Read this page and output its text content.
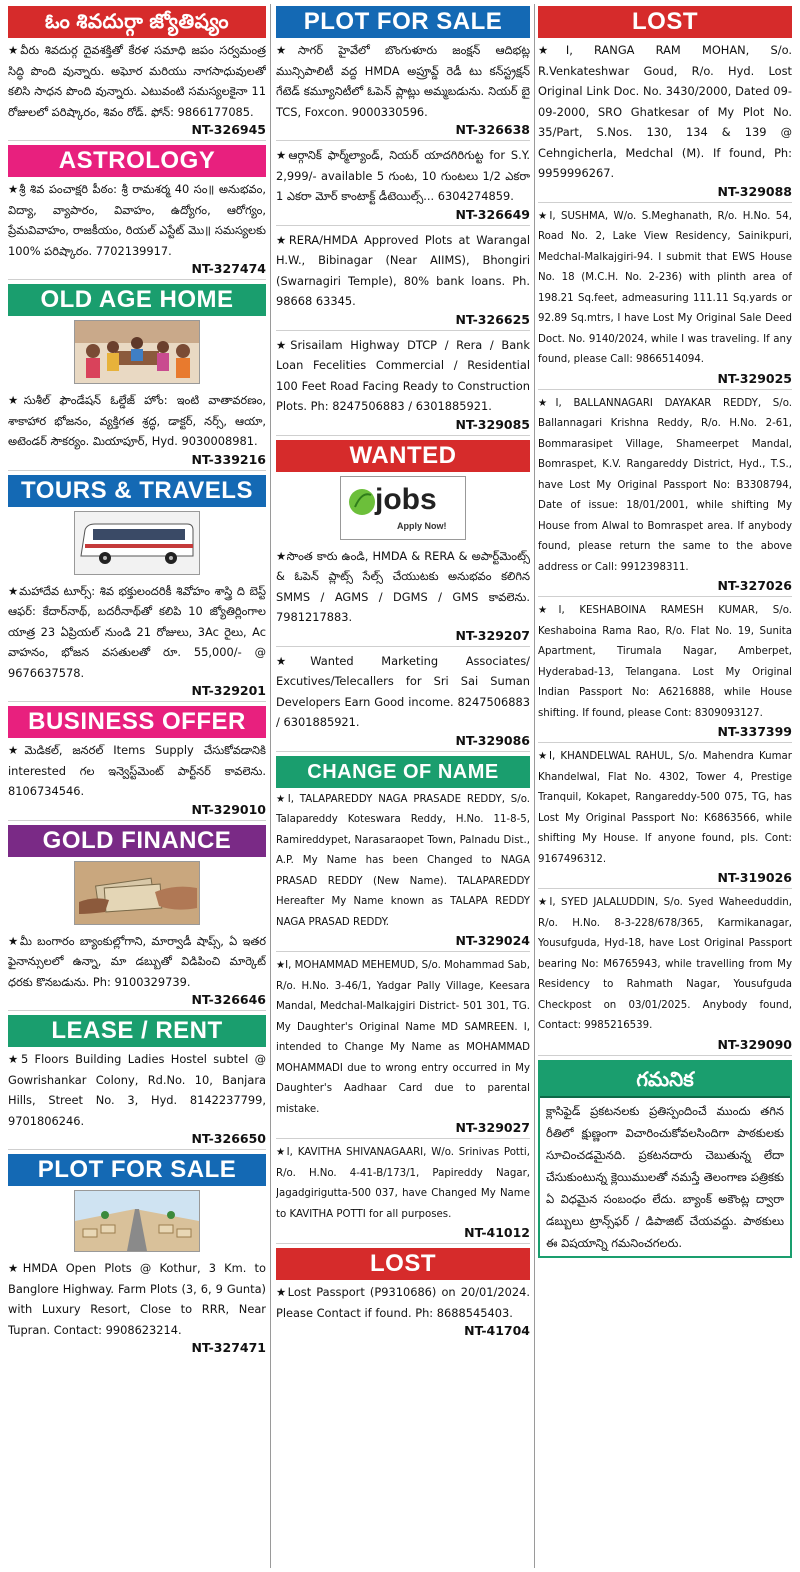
ఓం శివదుర్గా జ్యోతిష్యం
★వీరు శివదుర్గ దైవశక్తితో కేరళ సమాధి జపం సర్వమంత్ర సిద్ధి పొంది వున్నారు. అఘోర మరియు నాగసాధువులతో కలిసి సాధన పొంది వున్నారు. ఎటువంటి సమస్యలకైనా 11 రోజులలో పరిష్కారం, శివం రోడ్. ఫోన్: 9866177085.
NT-326945
ASTROLOGY
★శ్రీ శివ పంచాక్షరి పీఠం: శ్రీ రామశర్మ 40 సం॥ అనుభవం, విద్యా, వ్యాపారం, వివాహం, ఉద్యోగం, ఆరోగ్యం, ప్రేమవివాహం, రాజకీయం, రియల్ ఎస్టేట్ మొ॥ సమస్యలకు 100% పరిష్కారం. 7702139917.
NT-327474
OLD AGE HOME
★సుశీల్ ఫౌండేషన్ ఓల్డేజ్ హోం: ఇంటి వాతావరణం, శాకాహార భోజనం, వ్యక్తిగత శ్రద్ధ, డాక్టర్, నర్స్, ఆయా, అటెండర్ సౌకర్యం. మియాపూర్, Hyd. 9030008981.
NT-339216
TOURS & TRAVELS
★మహాదేవ టూర్స్: శివ భక్తులందరికీ శివోహం శాస్త్రి ది బెస్ట్ ఆఫర్: కేదార్‌నాథ్, బదరీనాథ్‌తో కలిపి 10 జ్యోతిర్లింగాల యాత్ర 23 ఏప్రియల్ నుండి 21 రోజులు, 3Ac రైలు, Ac వాహనం, భోజన వసతులతో రూ. 55,000/- @ 9676637578.
NT-329201
BUSINESS OFFER
★మెడికల్, జనరల్ Items Supply చేసుకోవడానికి interested గల ఇన్వెస్ట్‌మెంట్ పార్ట్‌నర్ కావలెను. 8106734546.
NT-329010
GOLD FINANCE
★మీ బంగారం బ్యాంకుల్లోగాని, మార్వాడీ షాప్స్, ఏ ఇతర ఫైనాన్సులలో ఉన్నా, మా డబ్బుతో విడిపించి మార్కెట్ ధరకు కొనబడును. Ph: 9100329739.
NT-326646
LEASE / RENT
★5 Floors Building Ladies Hostel subtel @ Gowrishankar Colony, Rd.No. 10, Banjara Hills, Street No. 3, Hyd. 8142237799, 9701806246.
NT-326650
PLOT FOR SALE
★HMDA Open Plots @ Kothur, 3 Km. to Banglore Highway. Farm Plots (3, 6, 9 Gunta) with Luxury Resort, Close to RRR, Near Tupran. Contact: 9908623214.
NT-327471
PLOT FOR SALE
★సాగర్ హైవేలో బొంగుళూరు జంక్షన్ ఆదిభట్ల మున్సిపాలిటీ వద్ద HMDA అప్రూవ్డ్ రెడీ టు కన్‌స్ట్రక్షన్ గేటెడ్ కమ్యూనిటీలో ఓపెన్ ప్లాట్లు అమ్మబడును. నియర్ బై TCS, Foxcon. 9000330596.
NT-326638
★ఆర్గానిక్ ఫార్మ్‌ల్యాండ్, నియర్ యాదగిరిగుట్ట for S.Y. 2,999/- available 5 గుంట, 10 గుంటలు 1/2 ఎకరా 1 ఎకరా మోర్ కాంటాక్ట్ డీటెయిల్స్... 6304274859.
NT-326649
★RERA/HMDA Approved Plots at Warangal H.W., Bibinagar (Near AIIMS), Bhongiri (Swarnagiri Temple), 80% bank loans. Ph. 98668 63345.
NT-326625
★Srisailam Highway DTCP / Rera / Bank Loan Fecelities Commercial / Residential 100 Feet Road Facing Ready to Construction Plots. Ph: 8247506883 / 6301885921.
NT-329085
WANTED
jobs
Apply Now!
★సొంత కారు ఉండి, HMDA & RERA & అపార్ట్‌మెంట్స్ & ఓపెన్ ప్లాట్స్ సేల్స్ చేయుటకు అనుభవం కలిగిన SMMS / AGMS / DGMS / GMS కావలెను. 7981217883.
NT-329207
★Wanted Marketing Associates/ Excutives/Telecallers for Sri Sai Suman Developers Earn Good income. 8247506883 / 6301885921.
NT-329086
CHANGE OF NAME
★I, TALAPAREDDY NAGA PRASADE REDDY, S/o. Talapareddy Koteswara Reddy, H.No. 11-8-5, Ramireddypet, Narasaraopet Town, Palnadu Dist., A.P. My Name has been Changed to NAGA PRASAD REDDY (New Name). TALAPAREDDY Hereafter My Name known as TALAPA REDDY NAGA PRASAD REDDY.
NT-329024
★I, MOHAMMAD MEHEMUD, S/o. Mohammad Sab, R/o. H.No. 3-46/1, Yadgar Pally Village, Keesara Mandal, Medchal-Malkajgiri District- 501 301, TG. My Daughter's Original Name MD SAMREEN. I, intended to Change My Name as MOHAMMAD MOHAMMADI due to wrong entry occurred in My Daughter's Aadhaar Card due to parental mistake.
NT-329027
★I, KAVITHA SHIVANAGAARI, W/o. Srinivas Potti, R/o. H.No. 4-41-B/173/1, Papireddy Nagar, Jagadgirigutta-500 037, have Changed My Name to KAVITHA POTTI for all purposes.
NT-41012
LOST
★Lost Passport (P9310686) on 20/01/2024. Please Contact if found. Ph: 8688545403.
NT-41704
LOST
★I, RANGA RAM MOHAN, S/o. R.Venkateshwar Goud, R/o. Hyd. Lost Original Link Doc. No. 3430/2000, Dated 09-09-2000, SRO Ghatkesar of My Plot No. 35/Part, S.Nos. 130, 134 & 139 @ Cehngicherla, Medchal (M). If found, Ph: 9959996267.
NT-329088
★I, SUSHMA, W/o. S.Meghanath, R/o. H.No. 54, Road No. 2, Lake View Residency, Sainikpuri, Medchal-Malkajgiri-94. I submit that EWS House No. 18 (M.C.H. No. 2-236) with plinth area of 198.21 Sq.feet, admeasuring 111.11 Sq.yards or 92.89 Sq.mtrs, I have Lost My Original Sale Deed Doct. No. 9140/2024, while I was traveling. If any found, please Call: 9866514094.
NT-329025
★I, BALLANNAGARI DAYAKAR REDDY, S/o. Ballannagari Krishna Reddy, R/o. H.No. 2-61, Bommarasipet Village, Shameerpet Mandal, Bomraspet, K.V. Rangareddy District, Hyd., T.S., have Lost My Original Passport No: B3308794, Date of issue: 18/01/2001, while shifting My House from Alwal to Bomraspet area. If anybody found, please return the same to the above address or Call: 9912398311.
NT-327026
★I, KESHABOINA RAMESH KUMAR, S/o. Keshaboina Rama Rao, R/o. Flat No. 19, Sunita Apartment, Tirumala Nagar, Amberpet, Hyderabad-13, Telangana. Lost My Original Indian Passport No: A6216888, while House shifting. If found, please Cont: 8309093127.
NT-337399
★I, KHANDELWAL RAHUL, S/o. Mahendra Kumar Khandelwal, Flat No. 4302, Tower 4, Prestige Tranquil, Kokapet, Rangareddy-500 075, TG, has Lost My Original Passport No: K6863566, while shifting My House. If anyone found, pls. Cont: 9167496312.
NT-319026
★I, SYED JALALUDDIN, S/o. Syed Waheeduddin, R/o. H.No. 8-3-228/678/365, Karmikanagar, Yousufguda, Hyd-18, have Lost Original Passport bearing No: M6765943, while travelling from My Residency to Rahmath Nagar, Yousufguda Checkpost on 03/01/2025. Anybody found, Contact: 9985216539.
NT-329090
గమనిక
క్లాసిఫైడ్ ప్రకటనలకు ప్రతిస్పందించే ముందు తగిన రీతిలో క్షుణ్ణంగా విచారించుకోవలసిందిగా పాఠకులకు సూచించడమైనది. ప్రకటనదారు చెబుతున్న లేదా చేసుకుంటున్న క్లెయిములతో నమస్తే తెలంగాణ పత్రికకు ఏ విధమైన సంబంధం లేదు. బ్యాంక్ అకౌంట్ల ద్వారా డబ్బులు ట్రాన్స్‌ఫర్ / డిపాజిట్ చేయవద్దు. పాఠకులు ఈ విషయాన్ని గమనించగలరు.
